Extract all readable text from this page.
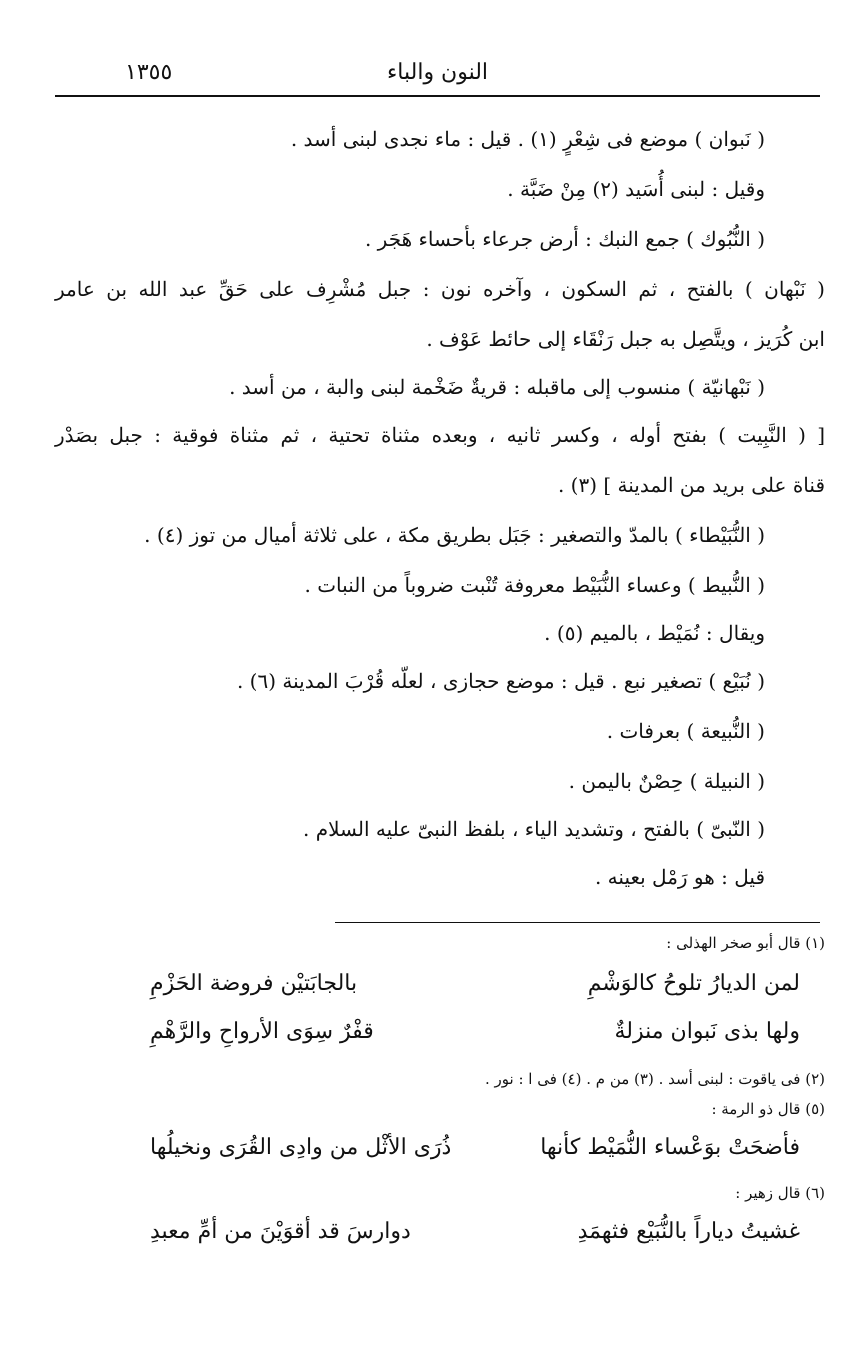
النون والباء
١٣٥٥
( نَبوان ) موضع فى شِعْرٍ (١) . قيل : ماء نجدى لبنى أسد .
وقيل : لبنى أُسَيد (٢) مِنْ ضَبَّة .
( النُّبُوك ) جمع النبك : أرض جرعاء بأحساء هَجَر .
( نَبْهان ) بالفتح ، ثم السكون ، وآخره نون : جبل مُشْرِف على حَقِّ عبد الله بن عامر
ابن كُرَيز ، ويتَّصِل به جبل رَنْقَاء إلى حائط عَوْف .
( نَبْهانيّة ) منسوب إلى ماقبله : قريةٌ ضَخْمة لبنى والبة ، من أسد .
[ ( النَّبِيت ) بفتح أوله ، وكسر ثانيه ، وبعده مثناة تحتية ، ثم مثناة فوقية : جبل بصَدْر
قناة على بريد من المدينة ] (٣) .
( النُّبَيْطاء ) بالمدّ والتصغير : جَبَل بطريق مكة ، على ثلاثة أميال من توز (٤) .
( النُّبيط ) وعساء النُّبَيْط معروفة تُنْبت ضروباً من النبات .
ويقال : نُمَيْط ، بالميم (٥) .
( نُبَيْع ) تصغير نبع . قيل : موضع حجازى ، لعلّه قُرْبَ المدينة (٦) .
( النُّبيعة ) بعرفات .
( النبيلة ) حِصْنٌ باليمن .
( النّبىّ ) بالفتح ، وتشديد الياء ، بلفظ النبىّ عليه السلام .
قيل : هو رَمْل بعينه .
(١) قال أبو صخر الهذلى :
لمن الديارُ تلوحُ كالوَشْمِ
بالجابَتيْن فروضة الحَزْمِ
ولها بذى نَبوان منزلةٌ
قفْرٌ سِوَى الأرواحِ والرَّهْمِ
(٢) فى ياقوت : لبنى أسد . (٣) من م . (٤) فى ا : نور .
(٥) قال ذو الرمة :
فأضحَتْ بوَعْساء النُّمَيْط كأنها
ذُرَى الأثْل من وادِى القُرَى ونخيلُها
(٦) قال زهير :
غشيتُ دياراً بالنُّبَيْع فثهمَدِ
دوارسَ قد أقوَيْنَ من أمِّ معبدِ
